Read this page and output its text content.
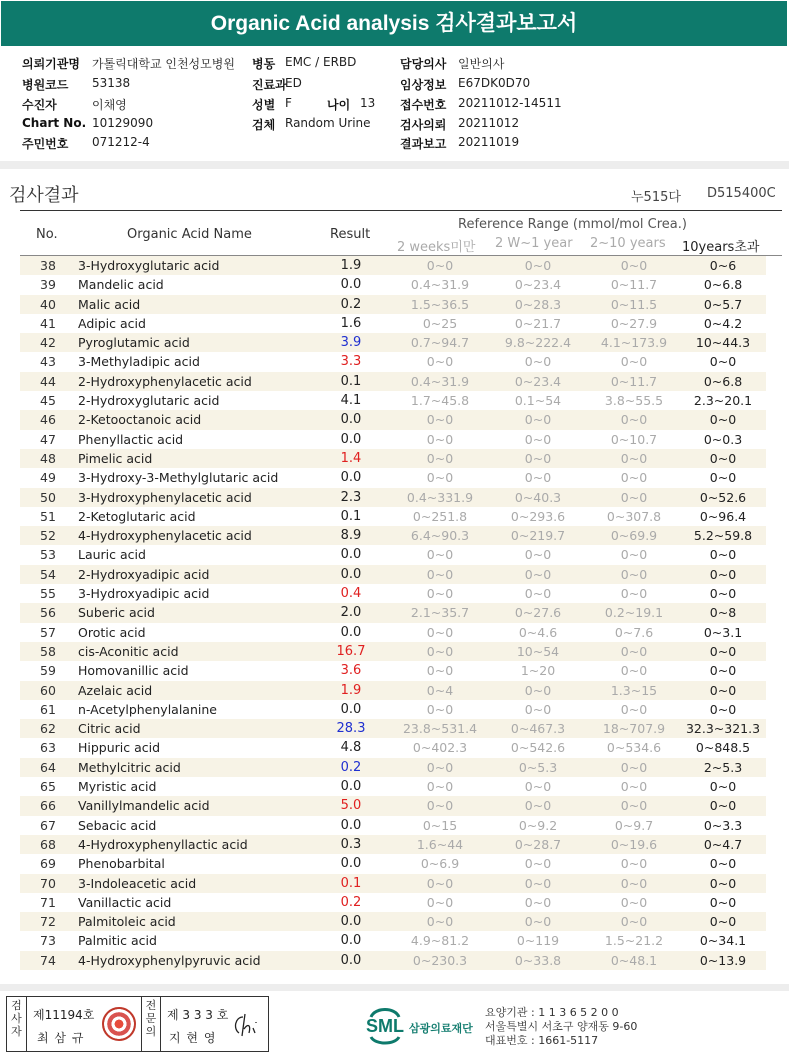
Organic Acid analysis 검사결과보고서
의뢰기관명 가톨릭대학교 인천성모병원 병동 EMC / ERBD	담당의사 일반의사
병원코드 53138	진료과
ED	임상정보 E67DK0D70
수진자	이채영	성별 F	나이 13 접수번호 20211012-14511
Chart No. 10129090	검체 Random Urine 검사의뢰 20211012
주민번호 071212-4	결과보고 20211019
검사결과	누515다 D515400C
No.	Organic Acid Name	Result
Reference Range (mmol/mol Crea.)
2 weeks미만 2 W~1 year 2~10 years 10years초과
38	3-Hydroxyglutaric acid	1.9	0~0	0~0	0~0	0~6
39	Mandelic acid	0.0	0.4~31.9	0~23.4	0~11.7	0~6.8
40	Malic acid	0.2	1.5~36.5	0~28.3	0~11.5	0~5.7
41	Adipic acid	1.6	0~25	0~21.7	0~27.9	0~4.2
42	Pyroglutamic acid	3.9	0.7~94.7	9.8~222.4	4.1~173.9	10~44.3
43	3-Methyladipic acid	3.3	0~0	0~0	0~0	0~0
44	2-Hydroxyphenylacetic acid	0.1	0.4~31.9	0~23.4	0~11.7	0~6.8
45	2-Hydroxyglutaric acid	4.1	1.7~45.8	0.1~54	3.8~55.5	2.3~20.1
46	2-Ketooctanoic acid	0.0	0~0	0~0	0~0	0~0
47	Phenyllactic acid	0.0	0~0	0~0	0~10.7	0~0.3
48	Pimelic acid	1.4	0~0	0~0	0~0	0~0
49	3-Hydroxy-3-Methylglutaric acid	0.0	0~0	0~0	0~0	0~0
50	3-Hydroxyphenylacetic acid	2.3	0.4~331.9	0~40.3	0~0	0~52.6
51	2-Ketoglutaric acid	0.1	0~251.8	0~293.6	0~307.8	0~96.4
52	4-Hydroxyphenylacetic acid	8.9	6.4~90.3	0~219.7	0~69.9	5.2~59.8
53	Lauric acid	0.0	0~0	0~0	0~0	0~0
54	2-Hydroxyadipic acid	0.0	0~0	0~0	0~0	0~0
55	3-Hydroxyadipic acid	0.4	0~0	0~0	0~0	0~0
56	Suberic acid	2.0	2.1~35.7	0~27.6	0.2~19.1	0~8
57	Orotic acid	0.0	0~0	0~4.6	0~7.6	0~3.1
58	cis-Aconitic acid	16.7	0~0	10~54	0~0	0~0
59	Homovanillic acid	3.6	0~0	1~20	0~0	0~0
60	Azelaic acid	1.9	0~4	0~0	1.3~15	0~0
61	n-Acetylphenylalanine	0.0	0~0	0~0	0~0	0~0
62	Citric acid	28.3	23.8~531.4	0~467.3	18~707.9	32.3~321.3
63	Hippuric acid	4.8	0~402.3	0~542.6	0~534.6	0~848.5
64	Methylcitric acid	0.2	0~0	0~5.3	0~0	2~5.3
65	Myristic acid	0.0	0~0	0~0	0~0	0~0
66	Vanillylmandelic acid	5.0	0~0	0~0	0~0	0~0
67	Sebacic acid	0.0	0~15	0~9.2	0~9.7	0~3.3
68	4-Hydroxyphenyllactic acid	0.3	1.6~44	0~28.7	0~19.6	0~4.7
69	Phenobarbital	0.0	0~6.9	0~0	0~0	0~0
70	3-Indoleacetic acid	0.1	0~0	0~0	0~0	0~0
71	Vanillactic acid	0.2	0~0	0~0	0~0	0~0
72	Palmitoleic acid	0.0	0~0	0~0	0~0	0~0
73	Palmitic acid	0.0	4.9~81.2	0~119	1.5~21.2	0~34.1
74	4-Hydroxyphenylpyruvic acid	0.0	0~230.3	0~33.8	0~48.1	0~13.9
검사자
제11194호
최 삼 규
전문의
제 3 3 3 호
지 현 영
SML 삼광의료재단
요양기관 : 1 1 3 6 5 2 0 0
서울특별시 서초구 양재동 9-60
대표번호 : 1661-5117
